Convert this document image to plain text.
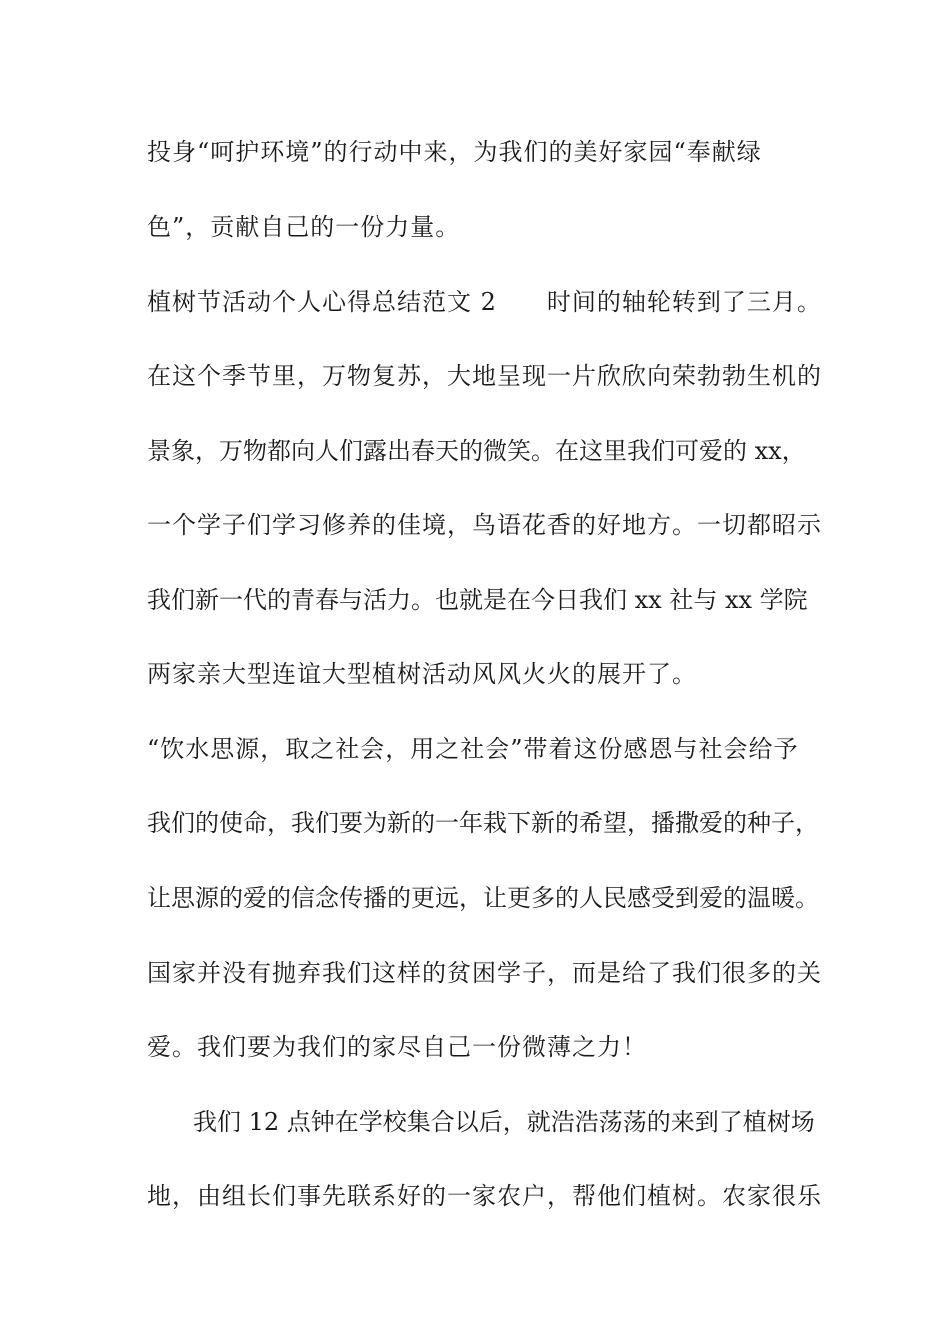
投身“呵护环境”的行动中来，为我们的美好家园“奉献绿
色”，贡献自己的一份力量。
植树节活动个人心得总结范文 2　　时间的轴轮转到了三月。
在这个季节里，万物复苏，大地呈现一片欣欣向荣勃勃生机的
景象，万物都向人们露出春天的微笑。在这里我们可爱的 xx，
一个学子们学习修养的佳境，鸟语花香的好地方。一切都昭示
我们新一代的青春与活力。也就是在今日我们 xx 社与 xx 学院
两家亲大型连谊大型植树活动风风火火的展开了。
“饮水思源，取之社会，用之社会”带着这份感恩与社会给予
我们的使命，我们要为新的一年栽下新的希望，播撒爱的种子，
让思源的爱的信念传播的更远，让更多的人民感受到爱的温暖。
国家并没有抛弃我们这样的贫困学子，而是给了我们很多的关
爱。我们要为我们的家尽自己一份微薄之力！
我们 12 点钟在学校集合以后，就浩浩荡荡的来到了植树场
地，由组长们事先联系好的一家农户，帮他们植树。农家很乐
